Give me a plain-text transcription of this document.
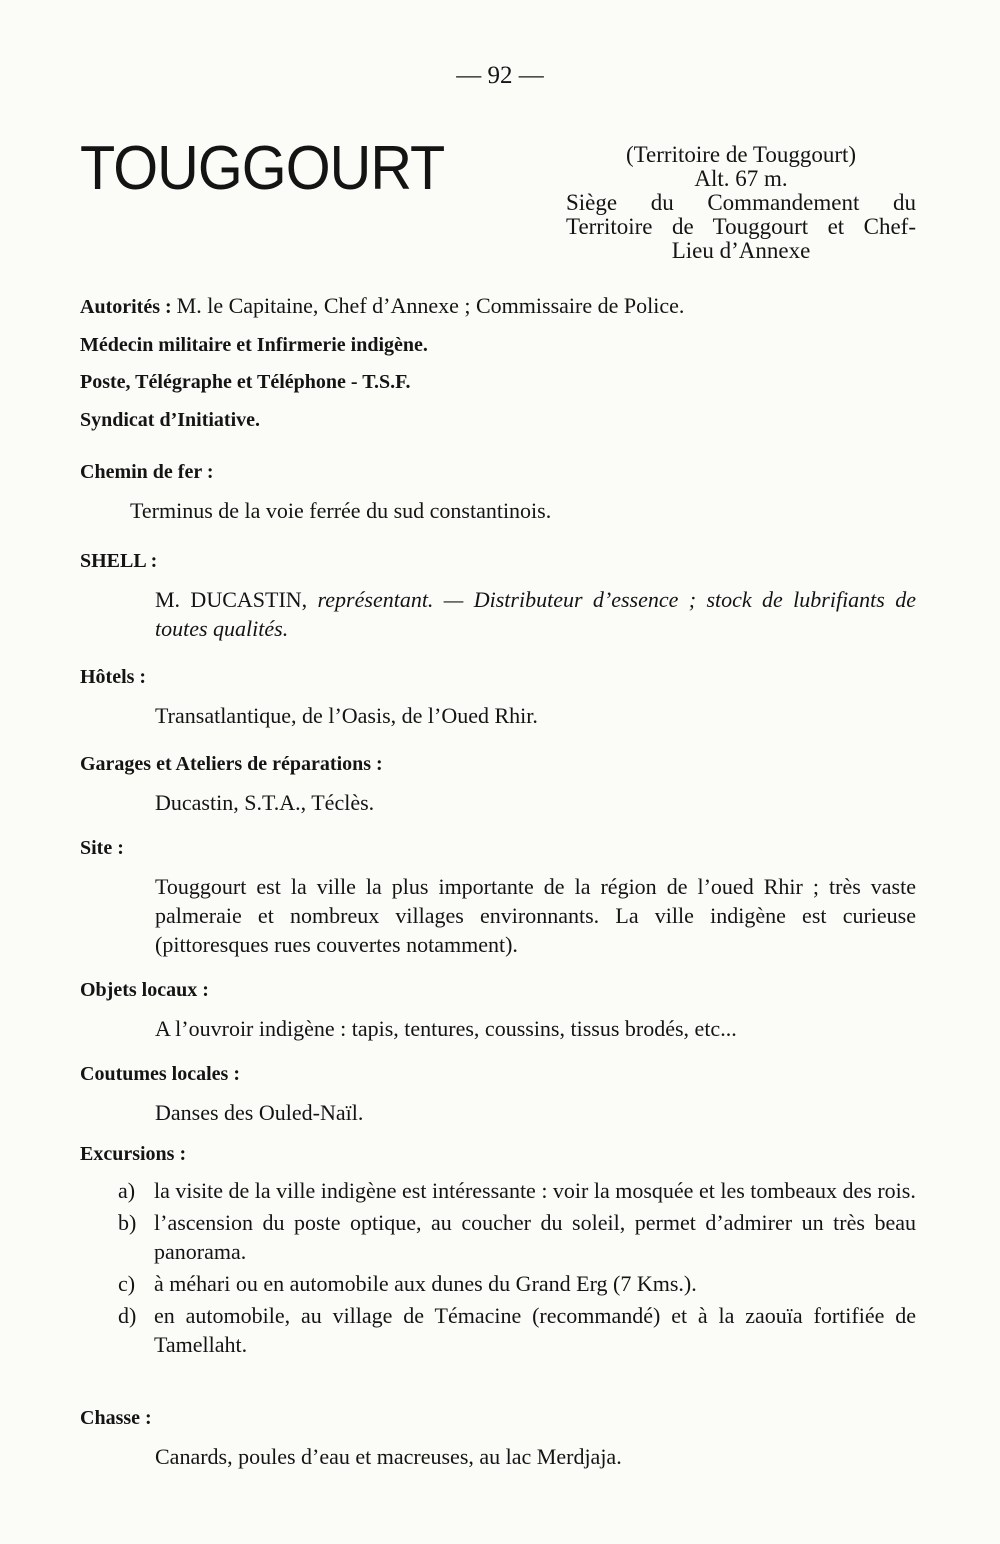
— 92 —
TOUGGOURT	(Territoire de Touggourt)
Alt. 67 m.
Siège du Commandement du
Territoire de Touggourt et Chef-
Lieu d’Annexe
Autorités : M. le Capitaine, Chef d’Annexe ; Commissaire de Police.
Médecin militaire et Infirmerie indigène.
Poste, Télégraphe et Téléphone - T.S.F.
Syndicat d’Initiative.
Chemin de fer :
Terminus de la voie ferrée du sud constantinois.
SHELL :
M. DUCASTIN, représentant. — Distributeur d’essence ; stock de lubrifiants de toutes qualités.
Hôtels :
Transatlantique, de l’Oasis, de l’Oued Rhir.
Garages et Ateliers de réparations :
Ducastin, S.T.A., Téclès.
Site :
Touggourt est la ville la plus importante de la région de l’oued Rhir ; très vaste palmeraie et nombreux villages environnants. La ville indigène est curieuse (pittoresques rues couvertes notamment).
Objets locaux :
A l’ouvroir indigène : tapis, tentures, coussins, tissus brodés, etc...
Coutumes locales :
Danses des Ouled-Naïl.
Excursions :
a) la visite de la ville indigène est intéressante : voir la mosquée et les tombeaux des rois.
b) l’ascension du poste optique, au coucher du soleil, permet d’admirer un très beau panorama.
c) à méhari ou en automobile aux dunes du Grand Erg (7 Kms.).
d) en automobile, au village de Témacine (recommandé) et à la zaouïa fortifiée de Tamellaht.
Chasse :
Canards, poules d’eau et macreuses, au lac Merdjaja.
